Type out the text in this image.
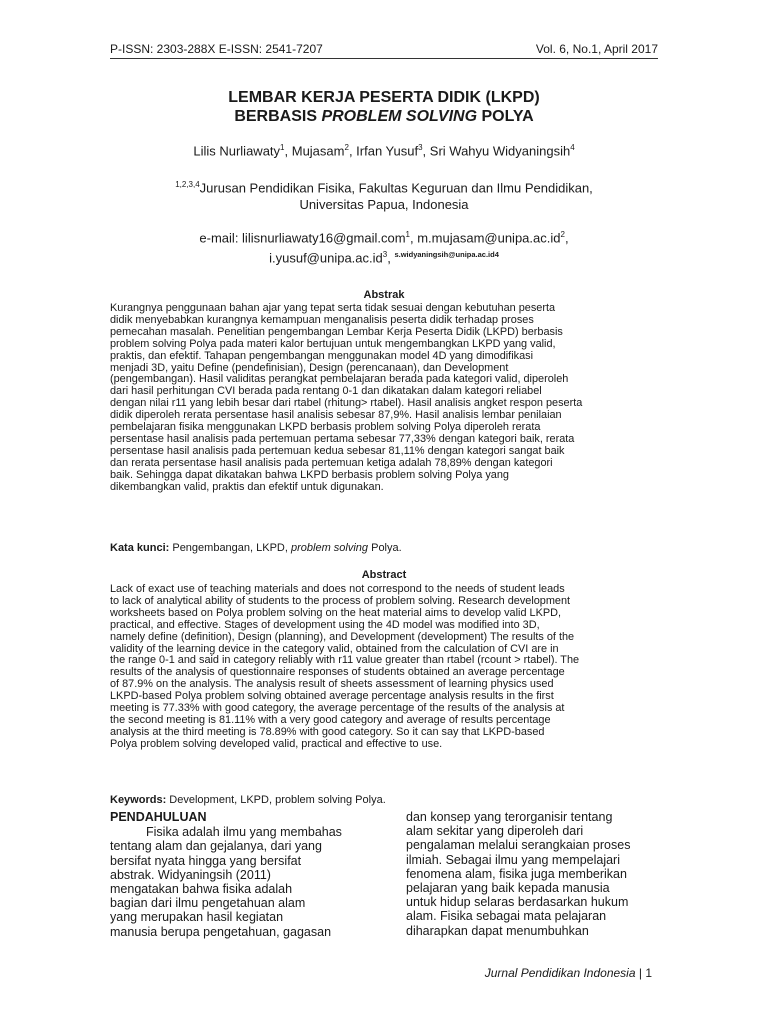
P-ISSN: 2303-288X E-ISSN: 2541-7207	Vol. 6, No.1, April 2017
LEMBAR KERJA PESERTA DIDIK (LKPD)
BERBASIS PROBLEM SOLVING POLYA
Lilis Nurliawaty$^1$, Mujasam$^2$, Irfan Yusuf$^3$, Sri Wahyu Widyaningsih$^4$
$^{1,2,3,4}$Jurusan Pendidikan Fisika, Fakultas Keguruan dan Ilmu Pendidikan,
Universitas Papua, Indonesia
e-mail: lilisnurliawaty16@gmail.com$^1$, $m.mujasam@unipa.ac.id^2$,
$i.yusuf@unipa.ac.id^3$, $^{s.widyaningsih@unipa.ac.id4}$
Abstrak
Kurangnya penggunaan bahan ajar yang tepat serta tidak sesuai dengan kebutuhan peserta
didik menyebabkan kurangnya kemampuan menganalisis peserta didik terhadap proses
pemecahan masalah. Penelitian pengembangan Lembar Kerja Peserta Didik (LKPD) berbasis
problem solving Polya pada materi kalor bertujuan untuk mengembangkan LKPD yang valid,
praktis, dan efektif. Tahapan pengembangan menggunakan model 4D yang dimodifikasi
menjadi 3D, yaitu Define (pendefinisian), Design (perencanaan), dan Development
(pengembangan). Hasil validitas perangkat pembelajaran berada pada kategori valid, diperoleh
dari hasil perhitungan CVI berada pada rentang 0-1 dan dikatakan dalam kategori reliabel
dengan nilai r11 yang lebih besar dari rtabel (rhitung> rtabel). Hasil analisis angket respon peserta
didik diperoleh rerata persentase hasil analisis sebesar 87,9%. Hasil analisis lembar penilaian
pembelajaran fisika menggunakan LKPD berbasis problem solving Polya diperoleh rerata
persentase hasil analisis pada pertemuan pertama sebesar 77,33% dengan kategori baik, rerata
persentase hasil analisis pada pertemuan kedua sebesar 81,11% dengan kategori sangat baik
dan rerata persentase hasil analisis pada pertemuan ketiga adalah 78,89% dengan kategori
baik. Sehingga dapat dikatakan bahwa LKPD berbasis problem solving Polya yang
dikembangkan valid, praktis dan efektif untuk digunakan.
Kata kunci: Pengembangan, LKPD, problem solving Polya.
Abstract
Lack of exact use of teaching materials and does not correspond to the needs of student leads
to lack of analytical ability of students to the process of problem solving. Research development
worksheets based on Polya problem solving on the heat material aims to develop valid LKPD,
practical, and effective. Stages of development using the 4D model was modified into 3D,
namely define (definition), Design (planning), and Development (development) The results of the
validity of the learning device in the category valid, obtained from the calculation of CVI are in
the range 0-1 and said in category reliably with r11 value greater than rtabel (rcount > rtabel). The
results of the analysis of questionnaire responses of students obtained an average percentage
of 87.9% on the analysis. The analysis result of sheets assessment of learning physics used
LKPD-based Polya problem solving obtained average percentage analysis results in the first
meeting is 77.33% with good category, the average percentage of the results of the analysis at
the second meeting is 81.11% with a very good category and average of results percentage
analysis at the third meeting is 78.89% with good category. So it can say that LKPD-based
Polya problem solving developed valid, practical and effective to use.
Keywords: Development, LKPD, problem solving Polya.
PENDAHULUAN
Fisika adalah ilmu yang membahas
tentang alam dan gejalanya, dari yang
bersifat nyata hingga yang bersifat
abstrak. Widyaningsih (2011)
mengatakan bahwa fisika adalah
bagian dari ilmu pengetahuan alam
yang merupakan hasil kegiatan
manusia berupa pengetahuan, gagasan
dan konsep yang terorganisir tentang
alam sekitar yang diperoleh dari
pengalaman melalui serangkaian proses
ilmiah. Sebagai ilmu yang mempelajari
fenomena alam, fisika juga memberikan
pelajaran yang baik kepada manusia
untuk hidup selaras berdasarkan hukum
alam. Fisika sebagai mata pelajaran
diharapkan dapat menumbuhkan
Jurnal Pendidikan Indonesia | 1
